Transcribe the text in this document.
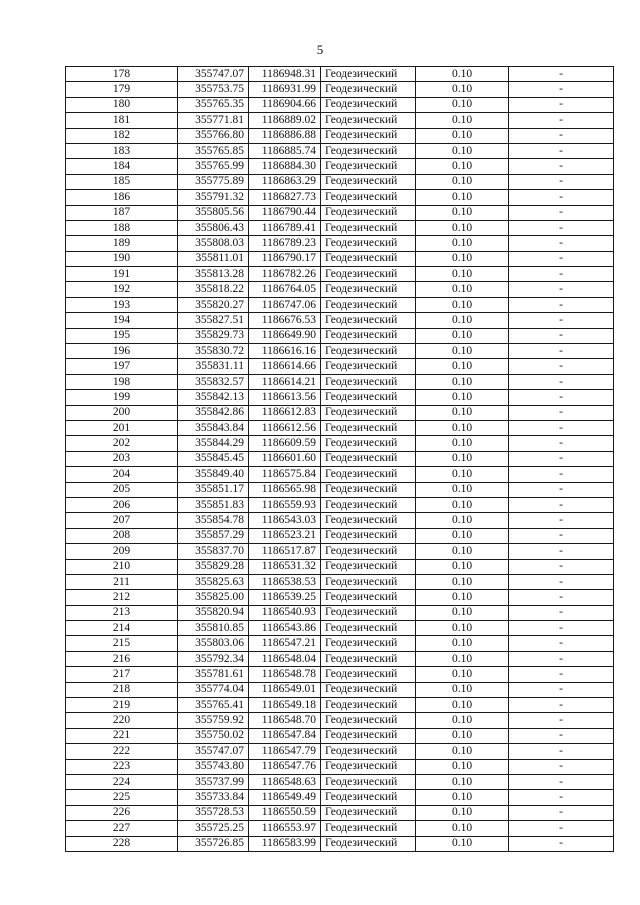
5
178	355747.07	1186948.31	Геодезический	0.10	-
179	355753.75	1186931.99	Геодезический	0.10	-
180	355765.35	1186904.66	Геодезический	0.10	-
181	355771.81	1186889.02	Геодезический	0.10	-
182	355766.80	1186886.88	Геодезический	0.10	-
183	355765.85	1186885.74	Геодезический	0.10	-
184	355765.99	1186884.30	Геодезический	0.10	-
185	355775.89	1186863.29	Геодезический	0.10	-
186	355791.32	1186827.73	Геодезический	0.10	-
187	355805.56	1186790.44	Геодезический	0.10	-
188	355806.43	1186789.41	Геодезический	0.10	-
189	355808.03	1186789.23	Геодезический	0.10	-
190	355811.01	1186790.17	Геодезический	0.10	-
191	355813.28	1186782.26	Геодезический	0.10	-
192	355818.22	1186764.05	Геодезический	0.10	-
193	355820.27	1186747.06	Геодезический	0.10	-
194	355827.51	1186676.53	Геодезический	0.10	-
195	355829.73	1186649.90	Геодезический	0.10	-
196	355830.72	1186616.16	Геодезический	0.10	-
197	355831.11	1186614.66	Геодезический	0.10	-
198	355832.57	1186614.21	Геодезический	0.10	-
199	355842.13	1186613.56	Геодезический	0.10	-
200	355842.86	1186612.83	Геодезический	0.10	-
201	355843.84	1186612.56	Геодезический	0.10	-
202	355844.29	1186609.59	Геодезический	0.10	-
203	355845.45	1186601.60	Геодезический	0.10	-
204	355849.40	1186575.84	Геодезический	0.10	-
205	355851.17	1186565.98	Геодезический	0.10	-
206	355851.83	1186559.93	Геодезический	0.10	-
207	355854.78	1186543.03	Геодезический	0.10	-
208	355857.29	1186523.21	Геодезический	0.10	-
209	355837.70	1186517.87	Геодезический	0.10	-
210	355829.28	1186531.32	Геодезический	0.10	-
211	355825.63	1186538.53	Геодезический	0.10	-
212	355825.00	1186539.25	Геодезический	0.10	-
213	355820.94	1186540.93	Геодезический	0.10	-
214	355810.85	1186543.86	Геодезический	0.10	-
215	355803.06	1186547.21	Геодезический	0.10	-
216	355792.34	1186548.04	Геодезический	0.10	-
217	355781.61	1186548.78	Геодезический	0.10	-
218	355774.04	1186549.01	Геодезический	0.10	-
219	355765.41	1186549.18	Геодезический	0.10	-
220	355759.92	1186548.70	Геодезический	0.10	-
221	355750.02	1186547.84	Геодезический	0.10	-
222	355747.07	1186547.79	Геодезический	0.10	-
223	355743.80	1186547.76	Геодезический	0.10	-
224	355737.99	1186548.63	Геодезический	0.10	-
225	355733.84	1186549.49	Геодезический	0.10	-
226	355728.53	1186550.59	Геодезический	0.10	-
227	355725.25	1186553.97	Геодезический	0.10	-
228	355726.85	1186583.99	Геодезический	0.10	-
